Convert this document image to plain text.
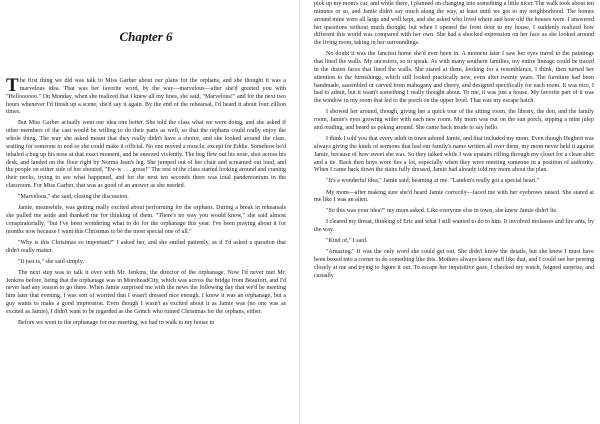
Chapter 6

The first thing we did was talk to Miss Garber about our plans for the orphans, and she thought it was a marvelous idea. That was her favorite word, by the way—marvelous—after she'd greeted you with "Helloooooo." On Monday, when she realized that I knew all my lines, she said, "Marvelous!" and for the next two hours whenever I'd finish up a scene, she'd say it again. By the end of the rehearsal, I'd heard it about four zillion times.

But Miss Garber actually went our idea one better. She told the class what we were doing, and she asked if other members of the cast would be willing to do their parts as well, so that the orphans could really enjoy the whole thing. The way she asked meant that they really didn't have a choice, and she looked around the class, waiting for someone to nod so she could make it official. No one moved a muscle, except for Eddie. Somehow he'd inhaled a bug up his nose at that exact moment, and he sneezed violently. The bug flew out his nose, shot across his desk, and landed on the floor right by Norma Jean's leg. She jumped out of her chair and screamed out loud, and the people on either side of her shouted, "Ew-w . . . gross!" The rest of the class started looking around and craning their necks, trying to see what happened, and for the next ten seconds there was total pandemonium in the classroom. For Miss Garber, that was as good of an answer as she needed.

"Marvelous," she said, closing the discussion.

Jamie, meanwhile, was getting really excited about performing for the orphans. During a break in rehearsals she pulled me aside and thanked me for thinking of them. "There's no way you would know," she said almost conspiratorially, "but I've been wondering what to do for the orphanage this year. I've been praying about it for months now because I want this Christmas to be the most special one of all."

"Why is this Christmas so important?" I asked her, and she smiled patiently, as if I'd asked a question that didn't really matter.

"It just is," she said simply.

The next step was to talk it over with Mr. Jenkins, the director of the orphanage. Now I'd never met Mr. Jenkins before, being that the orphanage was in MoreheadCity, which was across the bridge from Beaufort, and I'd never had any reason to go there. When Jamie surprised me with the news the following day that we'd be meeting him later that evening, I was sort of worried that I wasn't dressed nice enough. I know it was an orphanage, but a guy wants to make a good impression. Even though I wasn't as excited about it as Jamie was (no one was as excited as Jamie), I didn't want to be regarded as the Grinch who ruined Christmas for the orphans, either.

Before we went to the orphanage for our meeting, we had to walk to my house to

pick up my mom's car, and while there, I planned on changing into something a little nicer. The walk took about ten minutes or so, and Jamie didn't say much along the way, at least until we got to my neighborhood. The homes around mine were all large and well kept, and she asked who lived where and how old the houses were. I answered her questions without much thought, but when I opened the front door to my house, I suddenly realized how different this world was compared with her own. She had a shocked expression on her face as she looked around the living room, taking in her surroundings.

No doubt it was the fanciest home she'd ever been in. A moment later I saw her eyes travel to the paintings that lined the walls. My ancestors, so to speak. As with many southern families, my entire lineage could be traced in the dozen faces that lined the walls. She stared at them, looking for a resemblance, I think, then turned her attention to the furnishings, which still looked practically new, even after twenty years. The furniture had been handmade, assembled or carved from mahogany and cherry, and designed specifically for each room. It was nice, I had to admit, but it wasn't something I really thought about. To me, it was just a house. My favorite part of it was the window in my room that led to the porch on the upper level. That was my escape hatch.

I showed her around, though, giving her a quick tour of the sitting room, the library, the den, and the family room, Jamie's eyes growing wider with each new room. My mom was out on the sun porch, sipping a mint julep and reading, and heard us poking around. She came back inside to say hello.

I think I told you that every adult in town adored Jamie, and that included my mom. Even though Hegbert was always giving the kinds of sermons that had our family's name written all over them, my mom never held it against Jamie, because of how sweet she was. So they talked while I was upstairs rifling through my closet for a clean shirt and a tie. Back then boys wore ties a lot, especially when they were meeting someone in a position of authority. When I came back down the stairs fully dressed, Jamie had already told my mom about the plan.

"It's a wonderful idea," Jamie said, beaming at me. "Landon's really got a special heart."

My mom—after making sure she'd heard Jamie correctly—faced me with her eyebrows raised. She stared at me like I was an alien.

"So this was your idea?" my mom asked. Like everyone else in town, she knew Jamie didn't lie.

I cleared my throat, thinking of Eric and what I still wanted to do to him. It involved molasses and fire ants, by the way.

"Kind of," I said.

"Amazing." It was the only word she could get out. She didn't know the details, but she knew I must have been boxed into a corner to do something like this. Mothers always know stuff like that, and I could see her peering closely at me and trying to figure it out. To escape her inquisitive gaze, I checked my watch, feigned surprise, and casually
